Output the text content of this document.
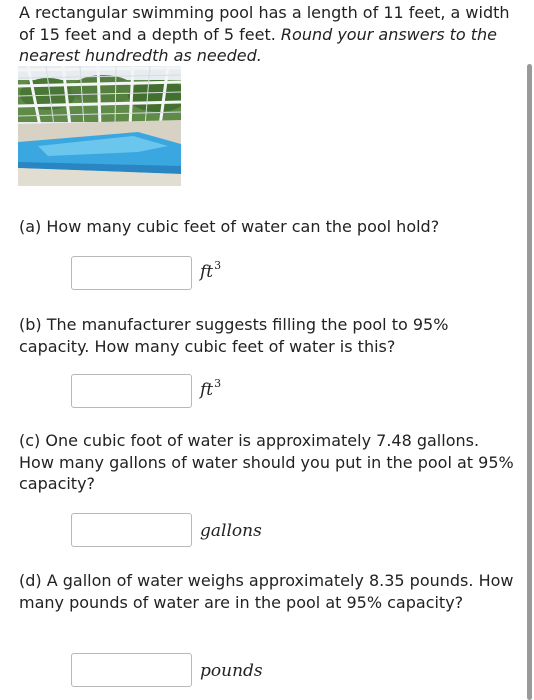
A rectangular swimming pool has a length of 11 feet, a width of 15 feet and a depth of 5 feet. Round your answers to the nearest hundredth as needed.
(a) How many cubic feet of water can the pool hold?
$ft^3$
(b) The manufacturer suggests filling the pool to 95% capacity. How many cubic feet of water is this?
$ft^3$
(c) One cubic foot of water is approximately 7.48 gallons. How many gallons of water should you put in the pool at 95% capacity?
gallons
(d) A gallon of water weighs approximately 8.35 pounds. How many pounds of water are in the pool at 95% capacity?
pounds
